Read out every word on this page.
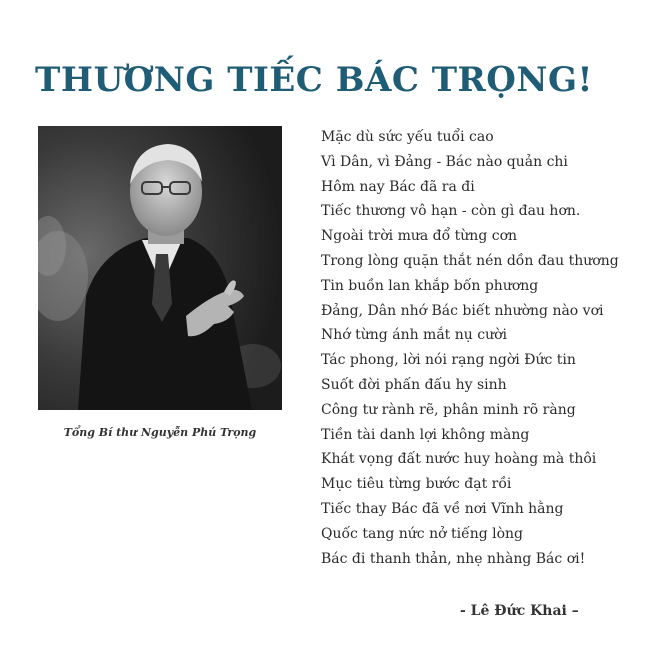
THƯƠNG TIẾC BÁC TRỌNG!
Tổng Bí thư Nguyễn Phú Trọng
Mặc dù sức yếu tuổi cao
Vì Dân, vì Đảng - Bác nào quản chi
Hôm nay Bác đã ra đi
Tiếc thương vô hạn - còn gì đau hơn.
Ngoài trời mưa đổ từng cơn
Trong lòng quặn thắt nén dồn đau thương
Tin buồn lan khắp bốn phương
Đảng, Dân nhớ Bác biết nhường nào vơi
Nhớ từng ánh mắt nụ cười
Tác phong, lời nói rạng ngời Đức tin
Suốt đời phấn đấu hy sinh
Công tư rành rẽ, phân minh rõ ràng
Tiền tài danh lợi không màng
Khát vọng đất nước huy hoàng mà thôi
Mục tiêu từng bước đạt rồi
Tiếc thay Bác đã về nơi Vĩnh hằng
Quốc tang nức nở tiếng lòng
Bác đi thanh thản, nhẹ nhàng Bác ơi!
- Lê Đức Khai –
